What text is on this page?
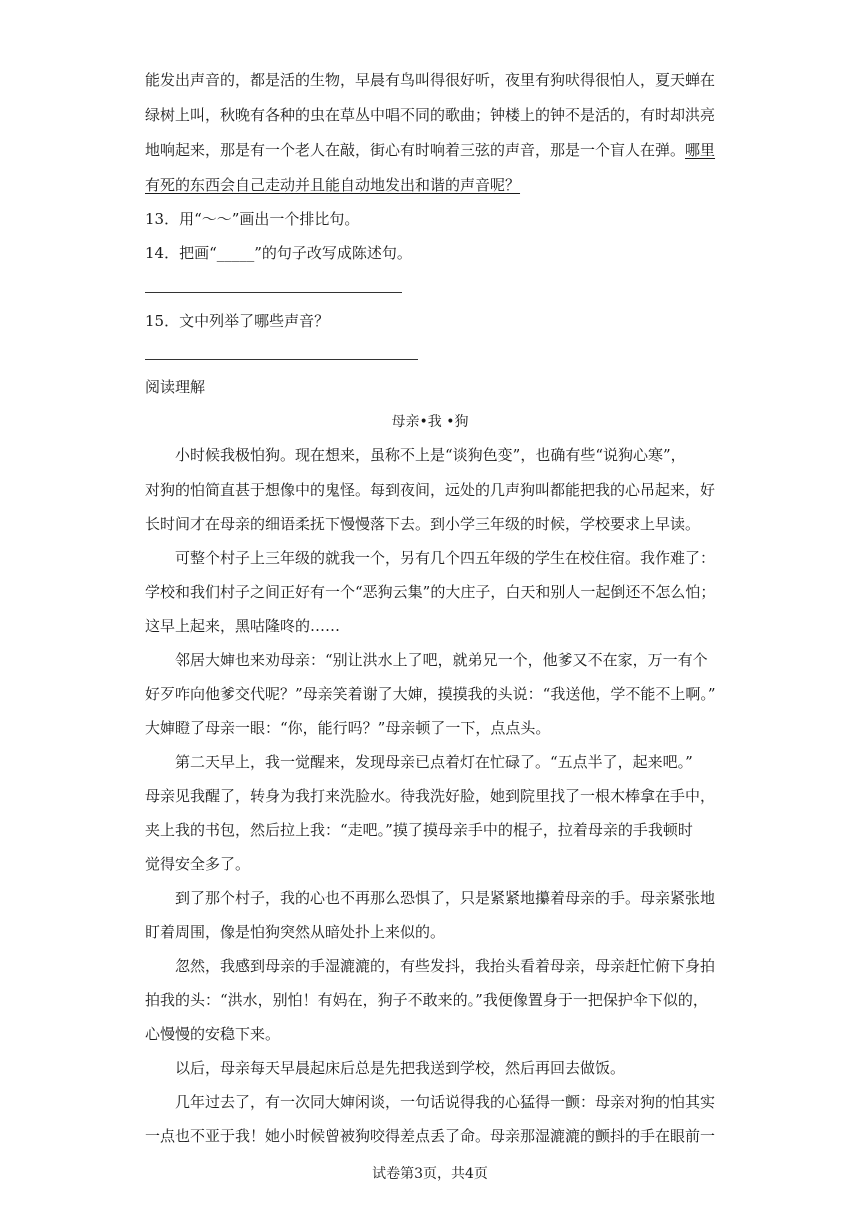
能发出声音的，都是活的生物，早晨有鸟叫得很好听，夜里有狗吠得很怕人，夏天蝉在
绿树上叫，秋晚有各种的虫在草丛中唱不同的歌曲；钟楼上的钟不是活的，有时却洪亮
地响起来，那是有一个老人在敲，街心有时响着三弦的声音，那是一个盲人在弹。哪里
有死的东西会自己走动并且能自动地发出和谐的声音呢？
13．用“～～”画出一个排比句。
14．把画“_____”的句子改写成陈述句。
15．文中列举了哪些声音？
阅读理解
母亲•我 •狗
小时候我极怕狗。现在想来，虽称不上是“谈狗色变”，也确有些“说狗心寒”，
对狗的怕简直甚于想像中的鬼怪。每到夜间，远处的几声狗叫都能把我的心吊起来，好
长时间才在母亲的细语柔抚下慢慢落下去。到小学三年级的时候，学校要求上早读。
可整个村子上三年级的就我一个，另有几个四五年级的学生在校住宿。我作难了：
学校和我们村子之间正好有一个“恶狗云集”的大庄子，白天和别人一起倒还不怎么怕；
这早上起来，黑咕隆咚的……
邻居大婶也来劝母亲：“别让洪水上了吧，就弟兄一个，他爹又不在家，万一有个
好歹咋向他爹交代呢？”母亲笑着谢了大婶，摸摸我的头说：“我送他，学不能不上啊。”
大婶瞪了母亲一眼：“你，能行吗？”母亲顿了一下，点点头。
第二天早上，我一觉醒来，发现母亲已点着灯在忙碌了。“五点半了，起来吧。”
母亲见我醒了，转身为我打来洗脸水。待我洗好脸，她到院里找了一根木棒拿在手中，
夹上我的书包，然后拉上我：“走吧。”摸了摸母亲手中的棍子，拉着母亲的手我顿时
觉得安全多了。
到了那个村子，我的心也不再那么恐惧了，只是紧紧地攥着母亲的手。母亲紧张地
盯着周围，像是怕狗突然从暗处扑上来似的。
忽然，我感到母亲的手湿漉漉的，有些发抖，我抬头看着母亲，母亲赶忙俯下身拍
拍我的头：“洪水，别怕！有妈在，狗子不敢来的。”我便像置身于一把保护伞下似的，
心慢慢的安稳下来。
以后，母亲每天早晨起床后总是先把我送到学校，然后再回去做饭。
几年过去了，有一次同大婶闲谈，一句话说得我的心猛得一颤：母亲对狗的怕其实
一点也不亚于我！她小时候曾被狗咬得差点丢了命。母亲那湿漉漉的颤抖的手在眼前一
试卷第3页，共4页
